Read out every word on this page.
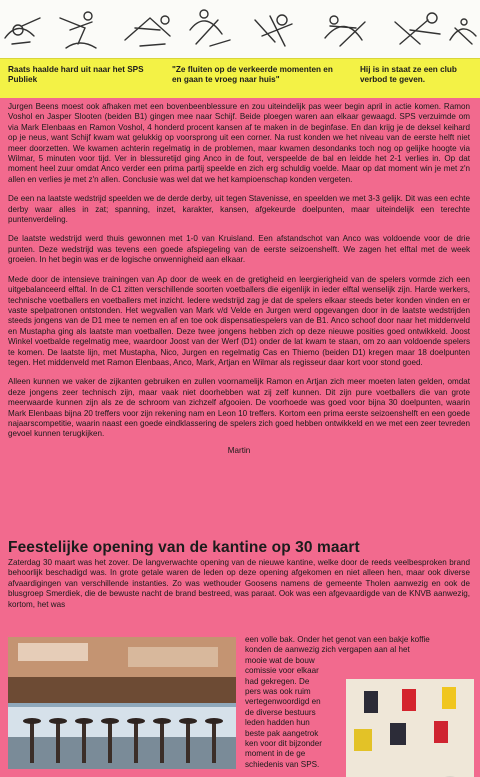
Raats haalde hard uit naar het SPS Publiek
"Ze fluiten op de verkeerde momenten en en gaan te vroeg naar huis"
Hij is in staat ze een club verbod te geven.

Jurgen Beens moest ook afhaken met een bovenbeenblessure en zou uiteindelijk pas weer begin april in actie komen. Ramon Voshol en Jasper Slooten (beiden B1) gingen mee naar Schijf. Beide ploegen waren aan elkaar gewaagd. SPS verzuimde om via Mark Elenbaas en Ramon Voshol, 4 honderd procent kansen af te maken in de beginfase. En dan krijg je de deksel keihard op je neus, want Schijf kwam wat gelukkig op voorsprong uit een corner. Na rust konden we het niveau van de eerste helft niet meer doorzetten. We kwamen achterin regelmatig in de problemen, maar kwamen desondanks toch nog op gelijke hoogte via Wilmar, 5 minuten voor tijd. Ver in blessuretijd ging Anco in de fout, verspeelde de bal en leidde het 2-1 verlies in. Op dat moment heel zuur omdat Anco verder een prima partij speelde en zich erg schuldig voelde. Maar op dat moment win je met z'n allen en verlies je met z'n allen. Conclusie was wel dat we het kampioenschap konden vergeten.

De een na laatste wedstrijd speelden we de derde derby, uit tegen Stavenisse, en speelden we met 3-3 gelijk. Dit was een echte derby waar alles in zat; spanning, inzet, karakter, kansen, afgekeurde doelpunten, maar uiteindelijk een terechte puntenverdeling.

De laatste wedstrijd werd thuis gewonnen met 1-0 van Kruisland. Een afstandschot van Anco was voldoende voor de drie punten. Deze wedstrijd was tevens een goede afspiegeling van de eerste seizoenshelft. We zagen het elftal met de week groeien. In het begin was er de logische onwennigheid aan elkaar.

Mede door de intensieve trainingen van Ap door de week en de gretigheid en leergierigheid van de spelers vormde zich een uitgebalanceerd elftal. In de C1 zitten verschillende soorten voetballers die eigenlijk in ieder elftal wenselijk zijn. Harde werkers, technische voetballers en voetballers met inzicht. Iedere wedstrijd zag je dat de spelers elkaar steeds beter konden vinden en er vaste spelpatronen ontstonden. Het wegvallen van Mark v/d Velde en Jurgen werd opgevangen door in de laatste wedstrijden steeds jongens van de D1 mee te nemen en af en toe ook dispensatiespelers van de B1. Anco schoof door naar het middenveld en Mustapha ging als laatste man voetballen. Deze twee jongens hebben zich op deze nieuwe posities goed ontwikkeld. Joost Winkel voetbalde regelmatig mee, waardoor Joost van der Werf (D1) onder de lat kwam te staan, om zo aan voldoende spelers te komen. De laatste lijn, met Mustapha, Nico, Jurgen en regelmatig Cas en Thiemo (beiden D1) kregen maar 18 doelpunten tegen. Het middenveld met Ramon Elenbaas, Anco, Mark, Artjan en Wilmar als regisseur daar kort voor stond goed.

Alleen kunnen we vaker de zijkanten gebruiken en zullen voornamelijk Ramon en Artjan zich meer moeten laten gelden, omdat deze jongens zeer technisch zijn, maar vaak niet doorhebben wat zij zelf kunnen. Dit zijn pure voetballers die van grote meerwaarde kunnen zijn als ze de schroom van zichzelf afgooien. De voorhoede was goed voor bijna 30 doelpunten, waarin Mark Elenbaas bijna 20 treffers voor zijn rekening nam en Leon 10 treffers. Kortom een prima eerste seizoenshelft en een goede najaarscompetitie, waarin naast een goede eindklassering de spelers zich goed hebben ontwikkeld en we met een zeer tevreden gevoel kunnen terugkijken.

Martin
Feestelijke opening van de kantine op 30 maart
Zaterdag 30 maart was het zover. De langverwachte opening van de nieuwe kantine, welke door de reeds veelbesproken brand behoorlijk beschadigd was. In grote getale waren de leden op deze opening afgekomen en niet alleen hen, maar ook diverse afvaardigingen van verschillende instanties. Zo was wethouder Goosens namens de gemeente Tholen aanwezig en ook de blusgroep Smerdiek, die de bewuste nacht de brand bestreed, was paraat. Ook was een afgevaardigde van de KNVB aanwezig, kortom, het was
een volle bak. Onder het genot van een bakje koffie
konden de aanwezig zich vergapen aan al het
mooie wat de bouw
comissie voor elkaar
had gekregen. De
pers was ook ruim
vertegenwoordigd en
de diverse bestuurs
leden hadden hun
beste pak aangetrok
ken voor dit bijzonder
moment in de ge
schiedenis van SPS.
